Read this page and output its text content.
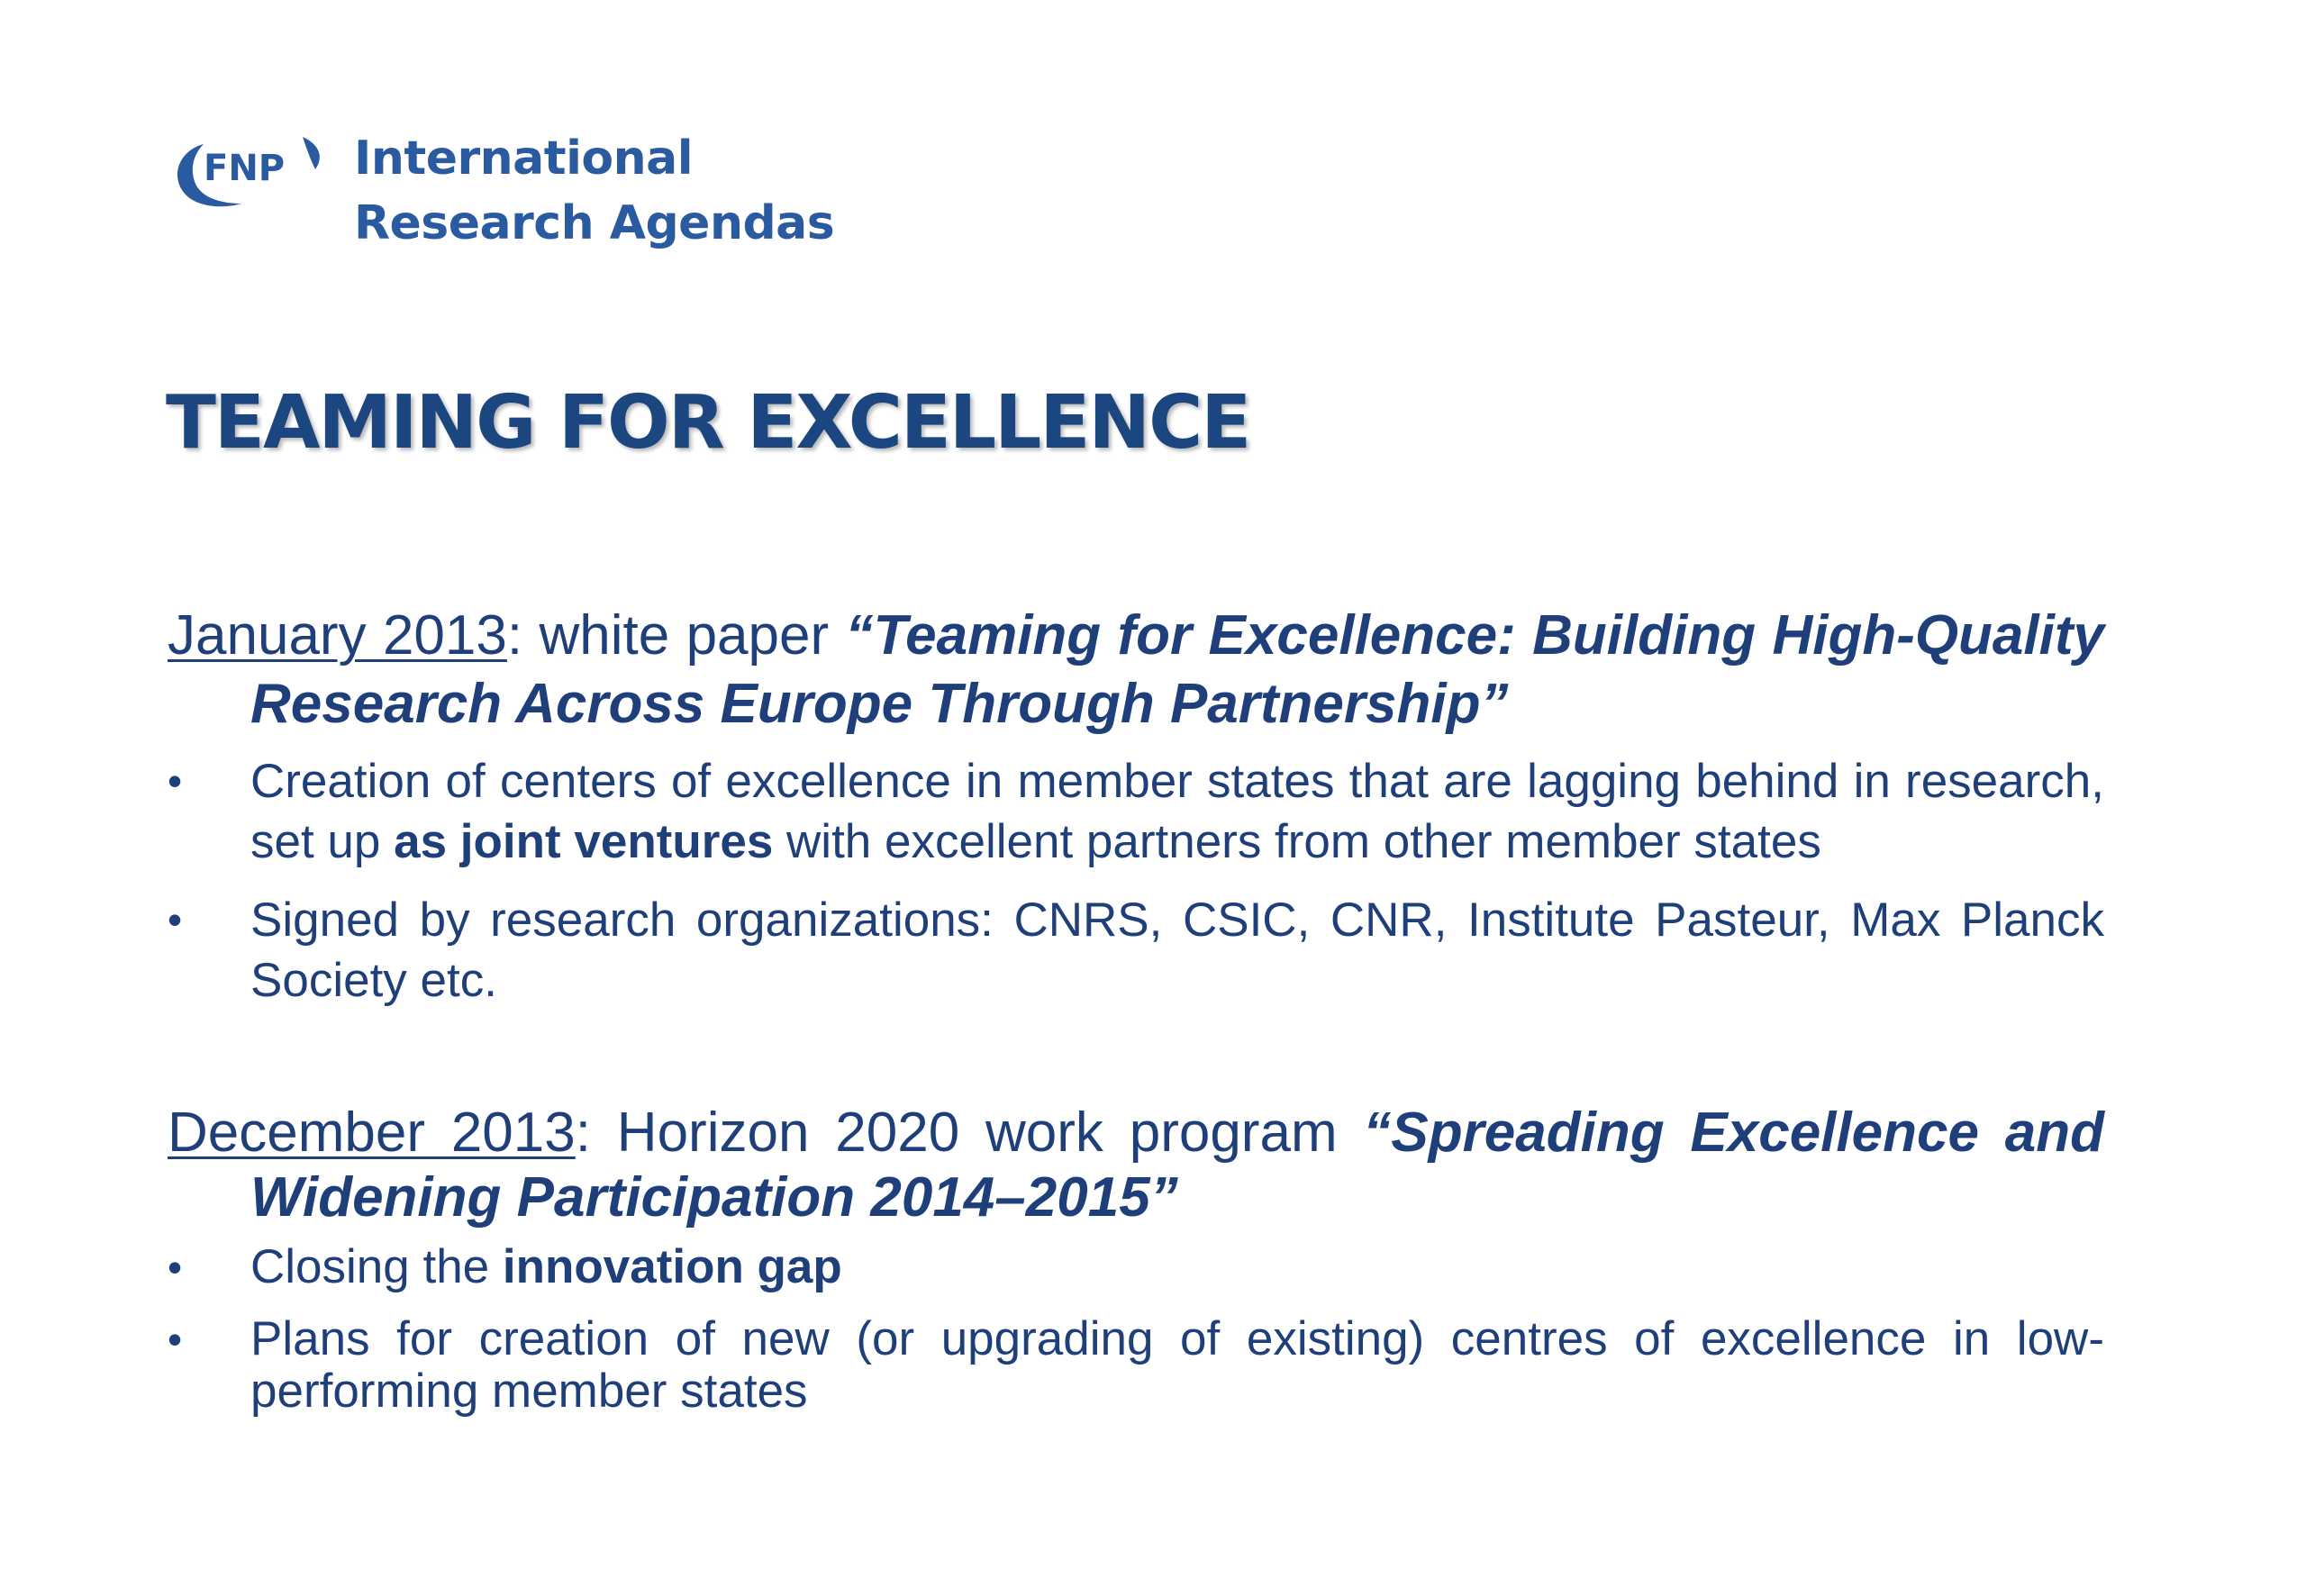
FNP International
Research Agendas
TEAMING FOR EXCELLENCE

January 2013: white paper “Teaming for Excellence: Building High-Quality Research Across Europe Through Partnership”

• Creation of centers of excellence in member states that are lagging behind in research, set up as joint ventures with excellent partners from other member states
• Signed by research organizations: CNRS, CSIC, CNR, Institute Pasteur, Max Planck Society etc.

December 2013: Horizon 2020 work program “Spreading Excellence and Widening Participation 2014–2015”

• Closing the innovation gap
• Plans for creation of new (or upgrading of existing) centres of excellence in low-performing member states
